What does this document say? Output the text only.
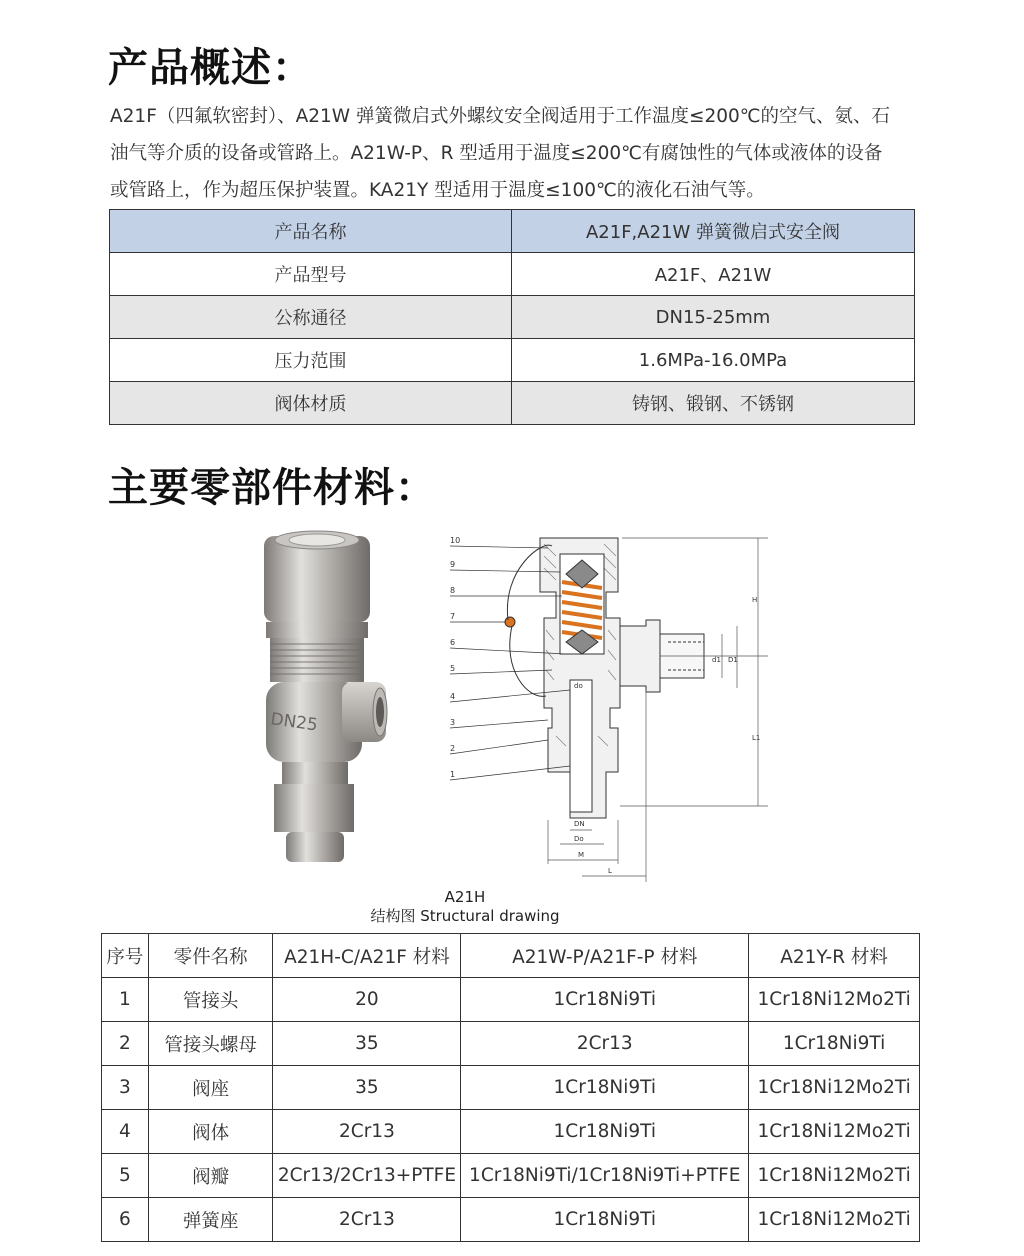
产品概述：
A21F（四氟软密封）、A21W 弹簧微启式外螺纹安全阀适用于工作温度≤200℃的空气、氨、石
油气等介质的设备或管路上。A21W-P、R 型适用于温度≤200℃有腐蚀性的气体或液体的设备
或管路上，作为超压保护装置。KA21Y 型适用于温度≤100℃的液化石油气等。
产品名称	A21F,A21W 弹簧微启式安全阀
产品型号	A21F、A21W
公称通径	DN15-25mm
压力范围	1.6MPa-16.0MPa
阀体材质	铸钢、锻钢、不锈钢
主要零部件材料：
DN25
10
9
8
7
6
5
4
3
2
1
H
L1
d1 D1
do
DN
Do
M
L
A21H
结构图 Structural drawing
序号	零件名称	A21H-C/A21F 材料	A21W-P/A21F-P 材料	A21Y-R 材料
1	管接头	20	1Cr18Ni9Ti	1Cr18Ni12Mo2Ti
2	管接头螺母	35	2Cr13	1Cr18Ni9Ti
3	阀座	35	1Cr18Ni9Ti	1Cr18Ni12Mo2Ti
4	阀体	2Cr13	1Cr18Ni9Ti	1Cr18Ni12Mo2Ti
5	阀瓣	2Cr13/2Cr13+PTFE	1Cr18Ni9Ti/1Cr18Ni9Ti+PTFE	1Cr18Ni12Mo2Ti
6	弹簧座	2Cr13	1Cr18Ni9Ti	1Cr18Ni12Mo2Ti
